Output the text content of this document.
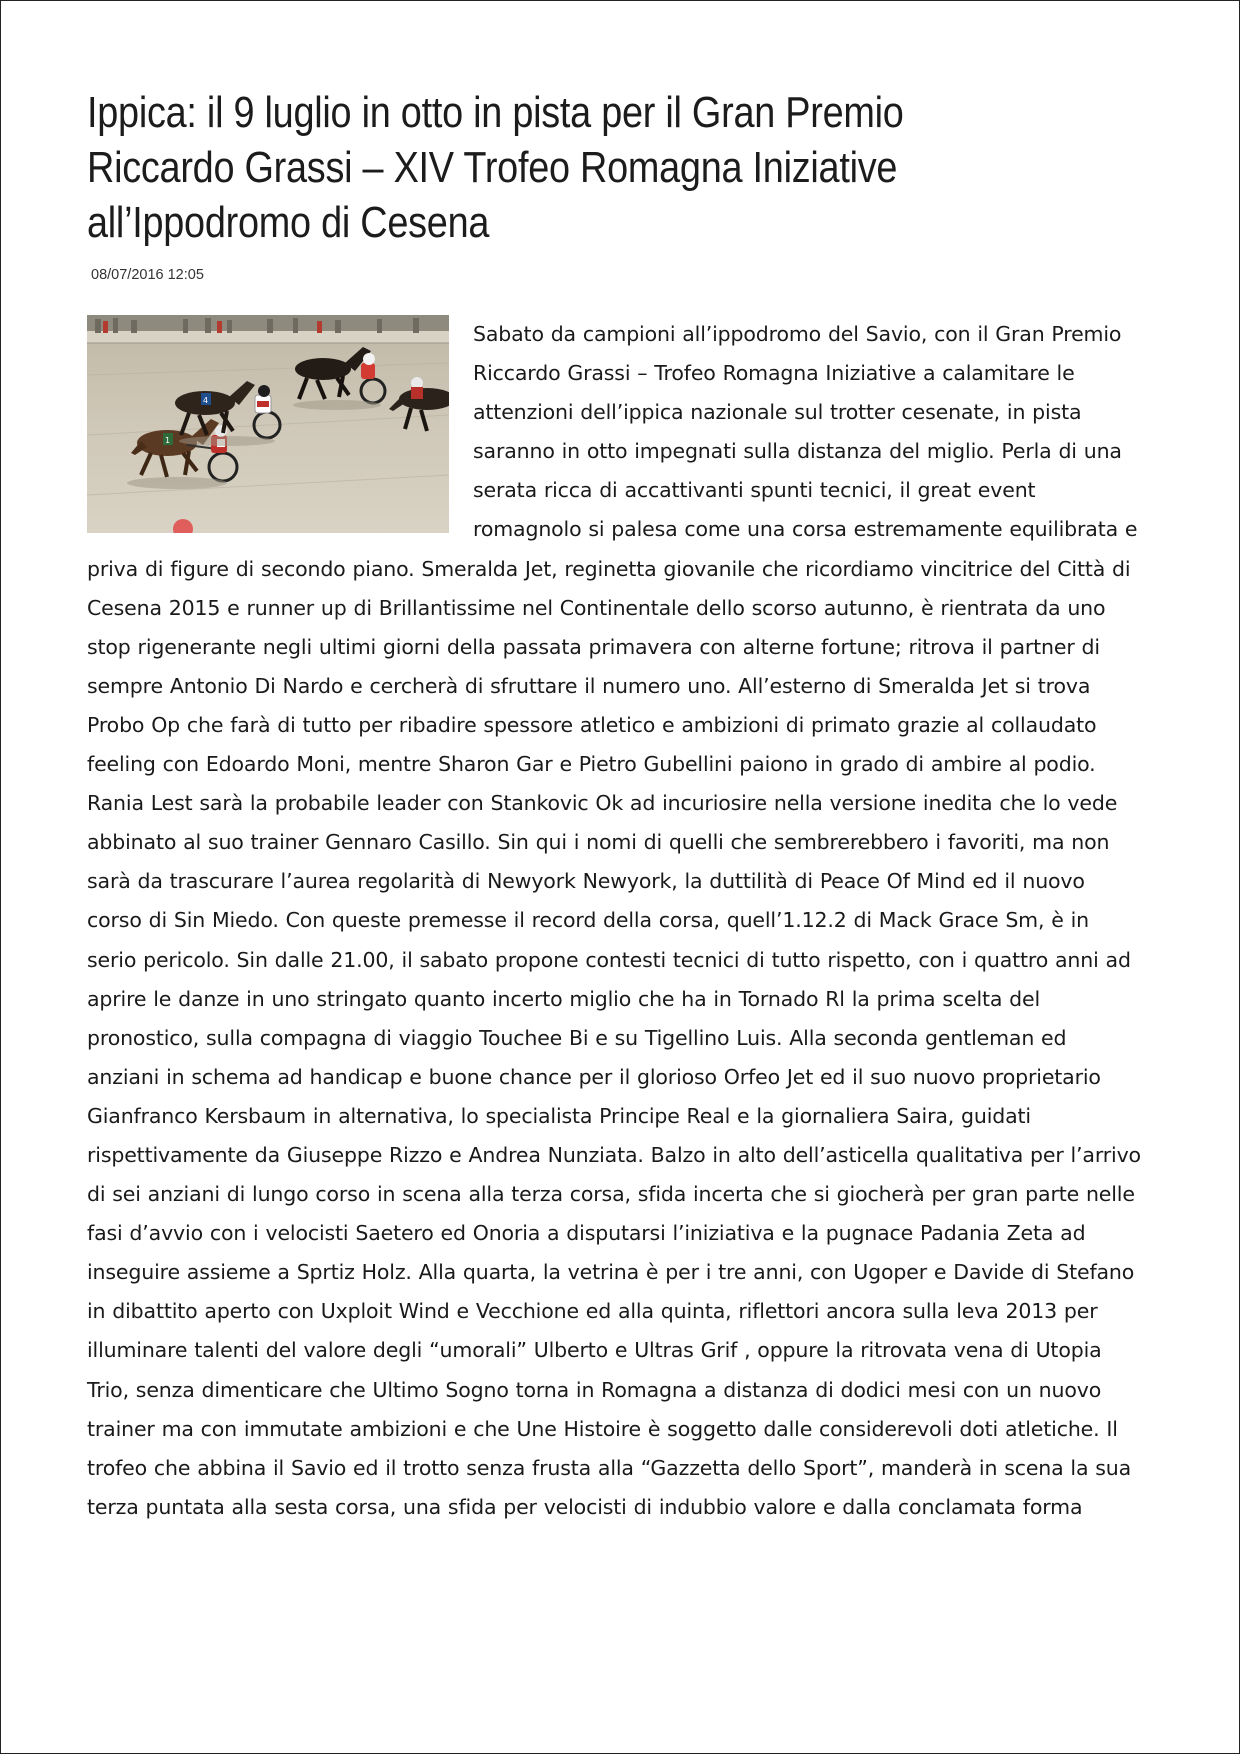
Ippica: il 9 luglio in otto in pista per il Gran Premio Riccardo Grassi – XIV Trofeo Romagna Iniziative all’Ippodromo di Cesena
08/07/2016 12:05
1
4
Sabato da campioni all’ippodromo del Savio, con il Gran Premio Riccardo Grassi – Trofeo Romagna Iniziative a calamitare le attenzioni dell’ippica nazionale sul trotter cesenate, in pista saranno in otto impegnati sulla distanza del miglio. Perla di una serata ricca di accattivanti spunti tecnici, il great event romagnolo si palesa come una corsa estremamente equilibrata e priva di figure di secondo piano. Smeralda Jet, reginetta giovanile che ricordiamo vincitrice del Città di Cesena 2015 e runner up di Brillantissime nel Continentale dello scorso autunno, è rientrata da uno stop rigenerante negli ultimi giorni della passata primavera con alterne fortune; ritrova il partner di sempre Antonio Di Nardo e cercherà di sfruttare il numero uno. All’esterno di Smeralda Jet si trova Probo Op che farà di tutto per ribadire spessore atletico e ambizioni di primato grazie al collaudato feeling con Edoardo Moni, mentre Sharon Gar e Pietro Gubellini paiono in grado di ambire al podio. Rania Lest sarà la probabile leader con Stankovic Ok ad incuriosire nella versione inedita che lo vede abbinato al suo trainer Gennaro Casillo. Sin qui i nomi di quelli che sembrerebbero i favoriti, ma non sarà da trascurare l’aurea regolarità di Newyork Newyork, la duttilità di Peace Of Mind ed il nuovo corso di Sin Miedo. Con queste premesse il record della corsa, quell’1.12.2 di Mack Grace Sm, è in serio pericolo. Sin dalle 21.00, il sabato propone contesti tecnici di tutto rispetto, con i quattro anni ad aprire le danze in uno stringato quanto incerto miglio che ha in Tornado Rl la prima scelta del pronostico, sulla compagna di viaggio Touchee Bi e su Tigellino Luis. Alla seconda gentleman ed anziani in schema ad handicap e buone chance per il glorioso Orfeo Jet ed il suo nuovo proprietario Gianfranco Kersbaum in alternativa, lo specialista Principe Real e la giornaliera Saira, guidati rispettivamente da Giuseppe Rizzo e Andrea Nunziata. Balzo in alto dell’asticella qualitativa per l’arrivo di sei anziani di lungo corso in scena alla terza corsa, sfida incerta che si giocherà per gran parte nelle fasi d’avvio con i velocisti Saetero ed Onoria a disputarsi l’iniziativa e la pugnace Padania Zeta ad inseguire assieme a Sprtiz Holz. Alla quarta, la vetrina è per i tre anni, con Ugoper e Davide di Stefano in dibattito aperto con Uxploit Wind e Vecchione ed alla quinta, riflettori ancora sulla leva 2013 per illuminare talenti del valore degli “umorali” Ulberto e Ultras Grif , oppure la ritrovata vena di Utopia Trio, senza dimenticare che Ultimo Sogno torna in Romagna a distanza di dodici mesi con un nuovo trainer ma con immutate ambizioni e che Une Histoire è soggetto dalle considerevoli doti atletiche. Il trofeo che abbina il Savio ed il trotto senza frusta alla “Gazzetta dello Sport”, manderà in scena la sua terza puntata alla sesta corsa, una sfida per velocisti di indubbio valore e dalla conclamata forma
